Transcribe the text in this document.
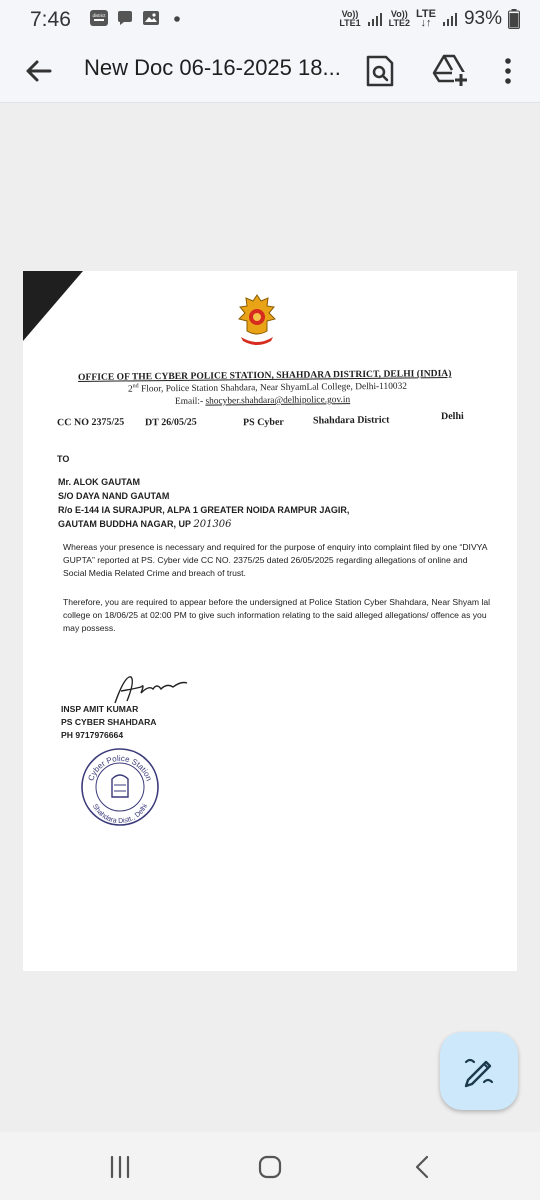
7:46	district	Vo))
LTE1
Vo))
LTE2
LTE
↓↑ 93%
New Doc 06-16-2025 18...
OFFICE OF THE CYBER POLICE STATION, SHAHDARA DISTRICT, DELHI (INDIA)
2nd Floor, Police Station Shahdara, Near ShyamLal College, Delhi-110032
Email:- shocyber.shahdara@delhipolice.gov.in
CC NO 2375/25 DT 26/05/25	PS Cyber	Shahdara District	Delhi
TO
Mr. ALOK GAUTAM
S/O DAYA NAND GAUTAM
R/o E-144 IA SURAJPUR, ALPA 1 GREATER NOIDA RAMPUR JAGIR,
GAUTAM BUDDHA NAGAR, UP 201306
Whereas your presence is necessary and required for the purpose of enquiry into complaint filed by one “DIVYA GUPTA” reported at PS. Cyber vide CC NO. 2375/25 dated 26/05/2025 regarding allegations of online and Social Media Related Crime and breach of trust.
Therefore, you are required to appear before the undersigned at Police Station Cyber Shahdara, Near Shyam lal college on 18/06/25 at 02:00 PM to give such information relating to the said alleged allegations/ offence as you may possess.
INSP AMIT KUMAR
PS CYBER SHAHDARA
PH 9717976664
Cyber Police Station
Shahdara Distt., Delhi
